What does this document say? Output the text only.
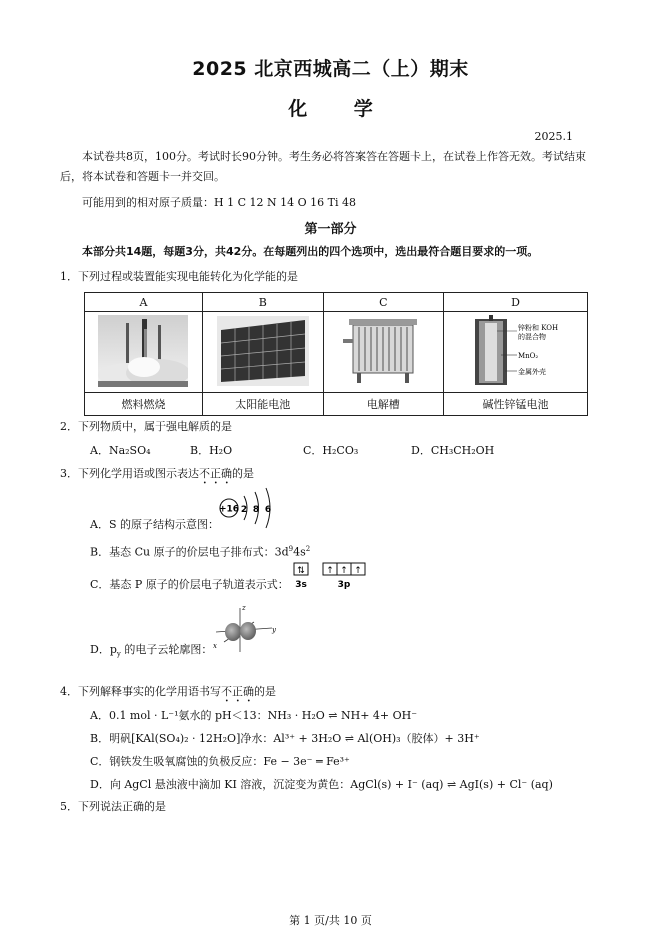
2025 北京西城高二（上）期末
化 学
2025.1
本试卷共8页，100分。考试时长90分钟。考生务必将答案答在答题卡上，在试卷上作答无效。考试结束后，将本试卷和答题卡一并交回。
可能用到的相对原子质量：H 1 C 12 N 14 O 16 Ti 48
第一部分
本部分共14题，每题3分，共42分。在每题列出的四个选项中，选出最符合题目要求的一项。
1．下列过程或装置能实现电能转化为化学能的是
A	B	C	D

锌粉和 KOH
的混合物
MnO₂
金属外壳

燃料燃烧	太阳能电池	电解槽	碱性锌锰电池
2．下列物质中，属于强电解质的是
A．Na₂SO₄	B．H₂O	C．H₂CO₃	D．CH₃CH₂OH
3．下列化学用语或图示表达不正确的是
A．S 的原子结构示意图：
+16 2 8 6
B．基态 Cu 原子的价层电子排布式：$3d^94s^2$
C．基态 P 原子的价层电子轨道表示式：
⇅ ↑ ↑ ↑
3s	3p
D．$p_y$ 的电子云轮廓图：
z
y
x
4．下列解释事实的化学用语书写不正确的是
A．0.1 mol · L⁻¹氨水的 pH＜13：NH₃ · H₂O ⇌ NH+ 4+ OH⁻
B．明矾[KAl(SO₄)₂ · 12H₂O]净水：Al³⁺ + 3H₂O ⇌ Al(OH)₃（胶体）+ 3H⁺
C．钢铁发生吸氧腐蚀的负极反应：Fe − 3e⁻ ═ Fe³⁺
D．向 AgCl 悬浊液中滴加 KI 溶液，沉淀变为黄色：AgCl(s) + I⁻ (aq) ⇌ AgI(s) + Cl⁻ (aq)
5．下列说法正确的是
第 1 页/共 10 页
